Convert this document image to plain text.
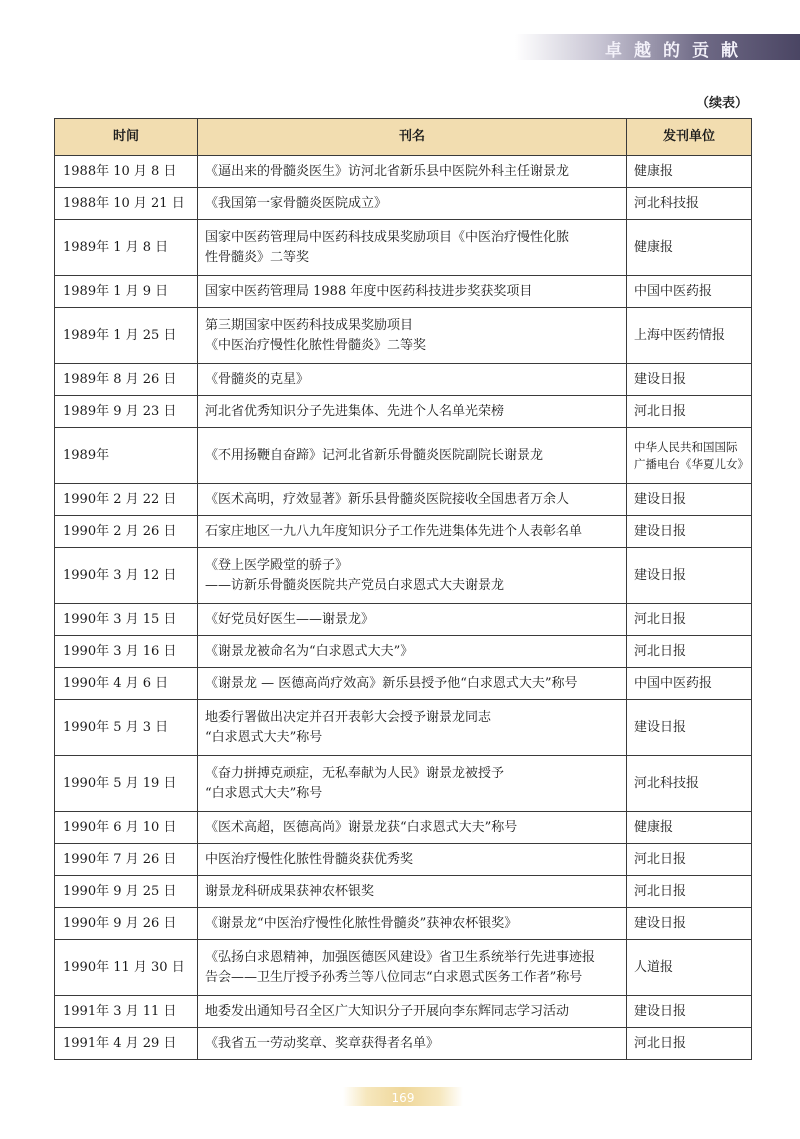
卓越的贡献
（续表）
时间	刊名	发刊单位
1988年 10 月 8 日	《逼出来的骨髓炎医生》访河北省新乐县中医院外科主任谢景龙	健康报
1988年 10 月 21 日	《我国第一家骨髓炎医院成立》	河北科技报
1989年 1 月 8 日	国家中医药管理局中医药科技成果奖励项目《中医治疗慢性化脓
性骨髓炎》二等奖	健康报
1989年 1 月 9 日	国家中医药管理局 1988 年度中医药科技进步奖获奖项目	中国中医药报
1989年 1 月 25 日	第三期国家中医药科技成果奖励项目
《中医治疗慢性化脓性骨髓炎》二等奖	上海中医药情报
1989年 8 月 26 日	《骨髓炎的克星》	建设日报
1989年 9 月 23 日	河北省优秀知识分子先进集体、先进个人名单光荣榜	河北日报
1989年	《不用扬鞭自奋蹄》记河北省新乐骨髓炎医院副院长谢景龙	中华人民共和国国际广播电台《华夏儿女》
1990年 2 月 22 日	《医术高明，疗效显著》新乐县骨髓炎医院接收全国患者万余人	建设日报
1990年 2 月 26 日	石家庄地区一九八九年度知识分子工作先进集体先进个人表彰名单	建设日报
1990年 3 月 12 日	《登上医学殿堂的骄子》
——访新乐骨髓炎医院共产党员白求恩式大夫谢景龙	建设日报
1990年 3 月 15 日	《好党员好医生——谢景龙》	河北日报
1990年 3 月 16 日	《谢景龙被命名为“白求恩式大夫”》	河北日报
1990年 4 月 6 日	《谢景龙 — 医德高尚疗效高》新乐县授予他“白求恩式大夫”称号	中国中医药报
1990年 5 月 3 日	地委行署做出决定并召开表彰大会授予谢景龙同志
“白求恩式大夫”称号	建设日报
1990年 5 月 19 日	《奋力拼搏克顽症，无私奉献为人民》谢景龙被授予
“白求恩式大夫”称号	河北科技报
1990年 6 月 10 日	《医术高超，医德高尚》谢景龙获“白求恩式大夫”称号	健康报
1990年 7 月 26 日	中医治疗慢性化脓性骨髓炎获优秀奖	河北日报
1990年 9 月 25 日	谢景龙科研成果获神农杯银奖	河北日报
1990年 9 月 26 日	《谢景龙“中医治疗慢性化脓性骨髓炎”获神农杯银奖》	建设日报
1990年 11 月 30 日	《弘扬白求恩精神，加强医德医风建设》省卫生系统举行先进事迹报
告会——卫生厅授予孙秀兰等八位同志“白求恩式医务工作者”称号	人道报
1991年 3 月 11 日	地委发出通知号召全区广大知识分子开展向李东辉同志学习活动	建设日报
1991年 4 月 29 日	《我省五一劳动奖章、奖章获得者名单》	河北日报
169
